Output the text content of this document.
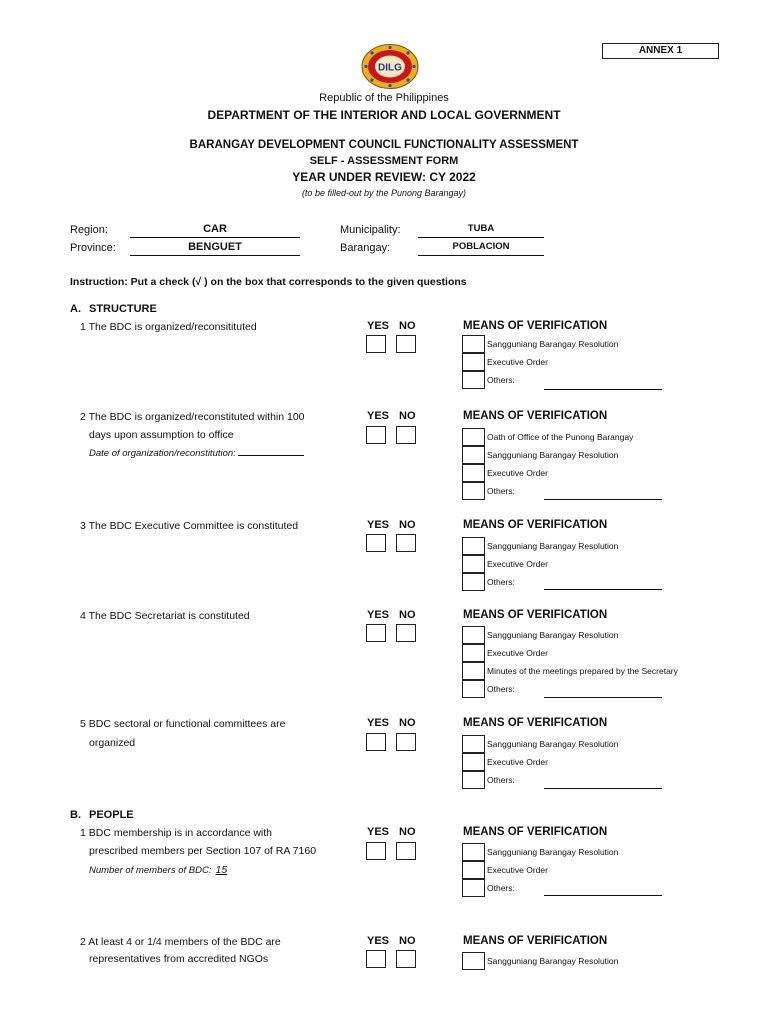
ANNEX 1
DILG
Republic of the Philippines
DEPARTMENT OF THE INTERIOR AND LOCAL GOVERNMENT
BARANGAY DEVELOPMENT COUNCIL FUNCTIONALITY ASSESSMENT
SELF - ASSESSMENT FORM
YEAR UNDER REVIEW: CY 2022
(to be filled-out by the Punong Barangay)
Region:	CAR
Province:	BENGUET
Municipality:	TUBA
Barangay:	POBLACION
Instruction: Put a check (√ ) on the box that corresponds to the given questions
A. STRUCTURE
1 The BDC is organized/reconsitituted	YES NO	MEANS OF VERIFICATION
Sangguniang Barangay Resolution
Executive Order
Others:
2 The BDC is organized/reconstituted within 100
days upon assumption to office
Date of organization/reconstitution:
YES NO	MEANS OF VERIFICATION
Oath of Office of the Punong Barangay
Sangguniang Barangay Resolution
Executive Order
Others:
3 The BDC Executive Committee is constituted	YES NO	MEANS OF VERIFICATION
Sangguniang Barangay Resolution
Executive Order
Others:
4 The BDC Secretariat is constituted	YES NO	MEANS OF VERIFICATION
Sangguniang Barangay Resolution
Executive Order
Minutes of the meetings prepared by the Secretary
Others:
5 BDC sectoral or functional committees are
organized
YES NO	MEANS OF VERIFICATION
Sangguniang Barangay Resolution
Executive Order
Others:
B. PEOPLE
1 BDC membership is in accordance with
prescribed members per Section 107 of RA 7160
Number of members of BDC: 15
YES NO	MEANS OF VERIFICATION
Sangguniang Barangay Resolution
Executive Order
Others:
2 At least 4 or 1/4 members of the BDC are
representatives from accredited NGOs
YES NO	MEANS OF VERIFICATION
Sangguniang Barangay Resolution
